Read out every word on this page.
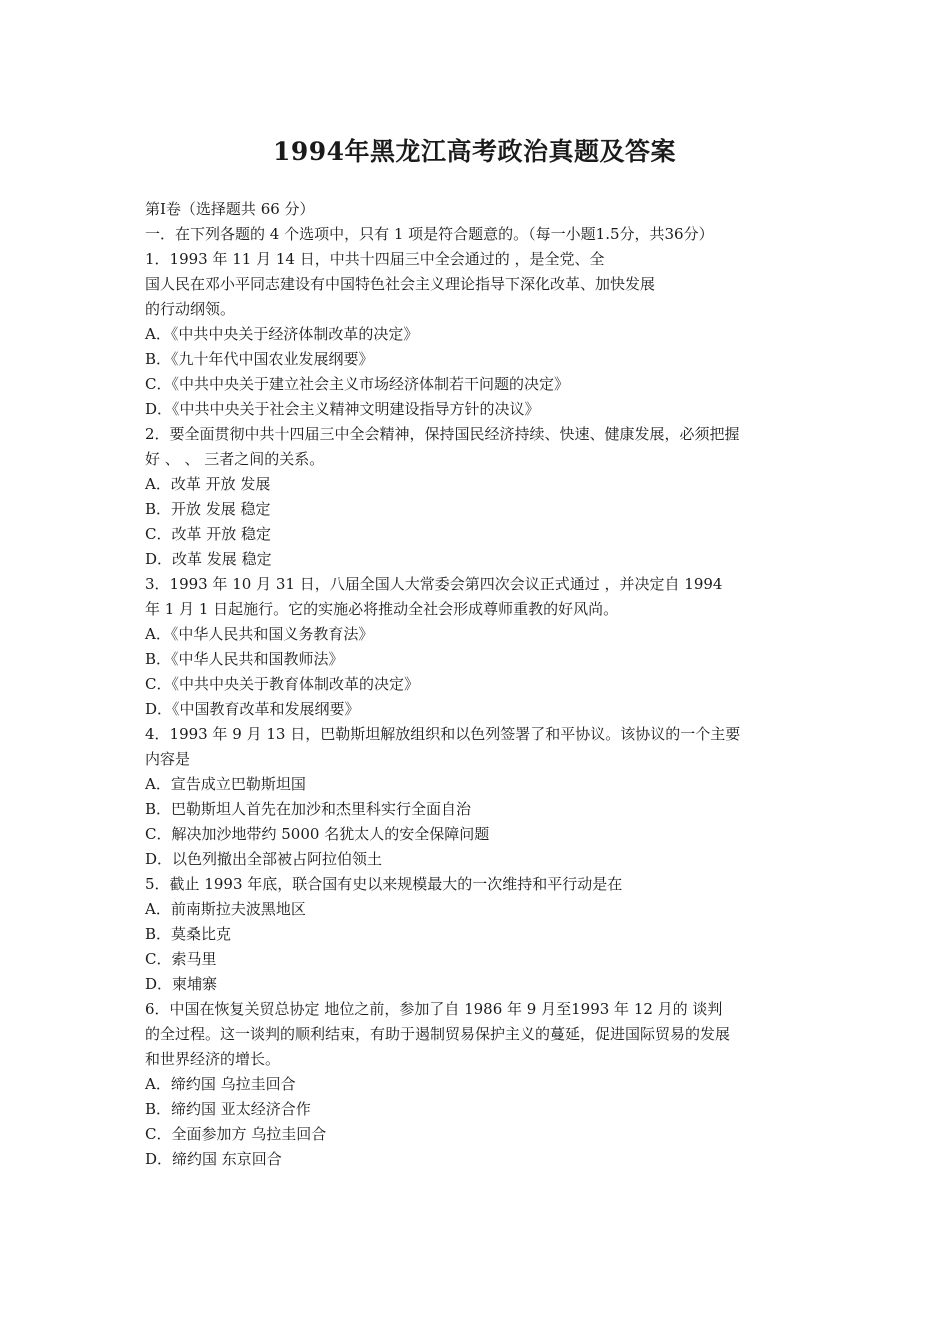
1994年黑龙江高考政治真题及答案
第Ⅰ卷（选择题共 66 分）
一．在下列各题的 4 个选项中，只有 1 项是符合题意的。（每一小题1.5分，共36分）
1．1993 年 11 月 14 日，中共十四届三中全会通过的 ，是全党、全
国人民在邓小平同志建设有中国特色社会主义理论指导下深化改革、加快发展
的行动纲领。
A．《中共中央关于经济体制改革的决定》
B．《九十年代中国农业发展纲要》
C．《中共中央关于建立社会主义市场经济体制若干问题的决定》
D．《中共中央关于社会主义精神文明建设指导方针的决议》
2．要全面贯彻中共十四届三中全会精神，保持国民经济持续、快速、健康发展，必须把握
好 、 、 三者之间的关系。
A．改革 开放 发展
B．开放 发展 稳定
C．改革 开放 稳定
D．改革 发展 稳定
3．1993 年 10 月 31 日，八届全国人大常委会第四次会议正式通过 ，并决定自 1994
年 1 月 1 日起施行。它的实施必将推动全社会形成尊师重教的好风尚。
A．《中华人民共和国义务教育法》
B．《中华人民共和国教师法》
C．《中共中央关于教育体制改革的决定》
D．《中国教育改革和发展纲要》
4．1993 年 9 月 13 日，巴勒斯坦解放组织和以色列签署了和平协议。该协议的一个主要
内容是
A．宣告成立巴勒斯坦国
B．巴勒斯坦人首先在加沙和杰里科实行全面自治
C．解决加沙地带约 5000 名犹太人的安全保障问题
D．以色列撤出全部被占阿拉伯领土
5．截止 1993 年底，联合国有史以来规模最大的一次维持和平行动是在
A．前南斯拉夫波黑地区
B．莫桑比克
C．索马里
D．柬埔寨
6．中国在恢复关贸总协定 地位之前，参加了自 1986 年 9 月至1993 年 12 月的 谈判
的全过程。这一谈判的顺利结束，有助于遏制贸易保护主义的蔓延，促进国际贸易的发展
和世界经济的增长。
A．缔约国 乌拉圭回合
B．缔约国 亚太经济合作
C．全面参加方 乌拉圭回合
D．缔约国 东京回合
